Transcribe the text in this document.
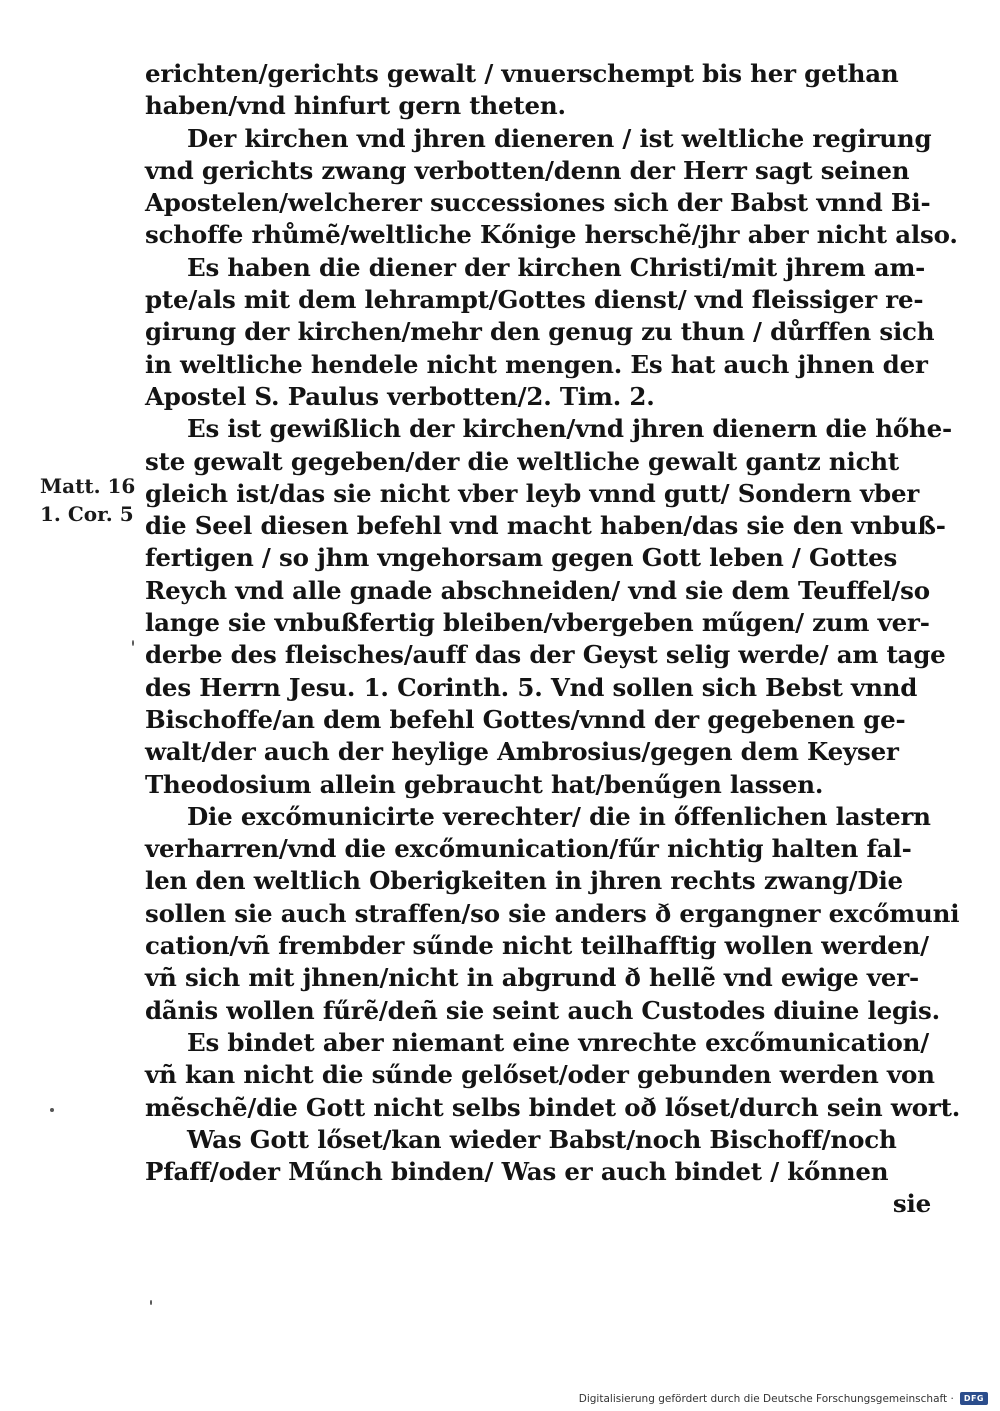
Matt. 16
1. Cor. 5
erichten/gerichts gewalt / vnuerschempt bis her gethan
haben/vnd hinfurt gern theten.
Der kirchen vnd jhren dieneren / ist weltliche regirung
vnd gerichts zwang verbotten/denn der Herr sagt seinen
Apostelen/welcherer successiones sich der Babst vnnd Bi-
schoffe rhůmẽ/weltliche Kőnige herschẽ/jhr aber nicht also.
Es haben die diener der kirchen Christi/mit jhrem am-
pte/als mit dem lehrampt/Gottes dienst/ vnd fleissiger re-
girung der kirchen/mehr den genug zu thun / důrffen sich
in weltliche hendele nicht mengen. Es hat auch jhnen der
Apostel S. Paulus verbotten/2. Tim. 2.
Es ist gewißlich der kirchen/vnd jhren dienern die hőhe-
ste gewalt gegeben/der die weltliche gewalt gantz nicht
gleich ist/das sie nicht vber leyb vnnd gutt/ Sondern vber
die Seel diesen befehl vnd macht haben/das sie den vnbuß-
fertigen / so jhm vngehorsam gegen Gott leben / Gottes
Reych vnd alle gnade abschneiden/ vnd sie dem Teuffel/so
lange sie vnbußfertig bleiben/vbergeben műgen/ zum ver-
derbe des fleisches/auff das der Geyst selig werde/ am tage
des Herrn Jesu. 1. Corinth. 5. Vnd sollen sich Bebst vnnd
Bischoffe/an dem befehl Gottes/vnnd der gegebenen ge-
walt/der auch der heylige Ambrosius/gegen dem Keyser
Theodosium allein gebraucht hat/benűgen lassen.
Die excőmunicirte verechter/ die in őffenlichen lastern
verharren/vnd die excőmunication/fűr nichtig halten fal-
len den weltlich Oberigkeiten in jhren rechts zwang/Die
sollen sie auch straffen/so sie anders ð ergangner excőmuni
cation/vñ frembder sűnde nicht teilhafftig wollen werden/
vñ sich mit jhnen/nicht in abgrund ð hellẽ vnd ewige ver-
dãnis wollen fűrẽ/deñ sie seint auch Custodes diuine legis.
Es bindet aber niemant eine vnrechte excőmunication/
vñ kan nicht die sűnde gelőset/oder gebunden werden von
mẽschẽ/die Gott nicht selbs bindet oð lőset/durch sein wort.
Was Gott lőset/kan wieder Babst/noch Bischoff/noch
Pfaff/oder Műnch binden/ Was er auch bindet / kőnnen
sie
Digitalisierung gefördert durch die Deutsche Forschungsgemeinschaft ·	DFG
